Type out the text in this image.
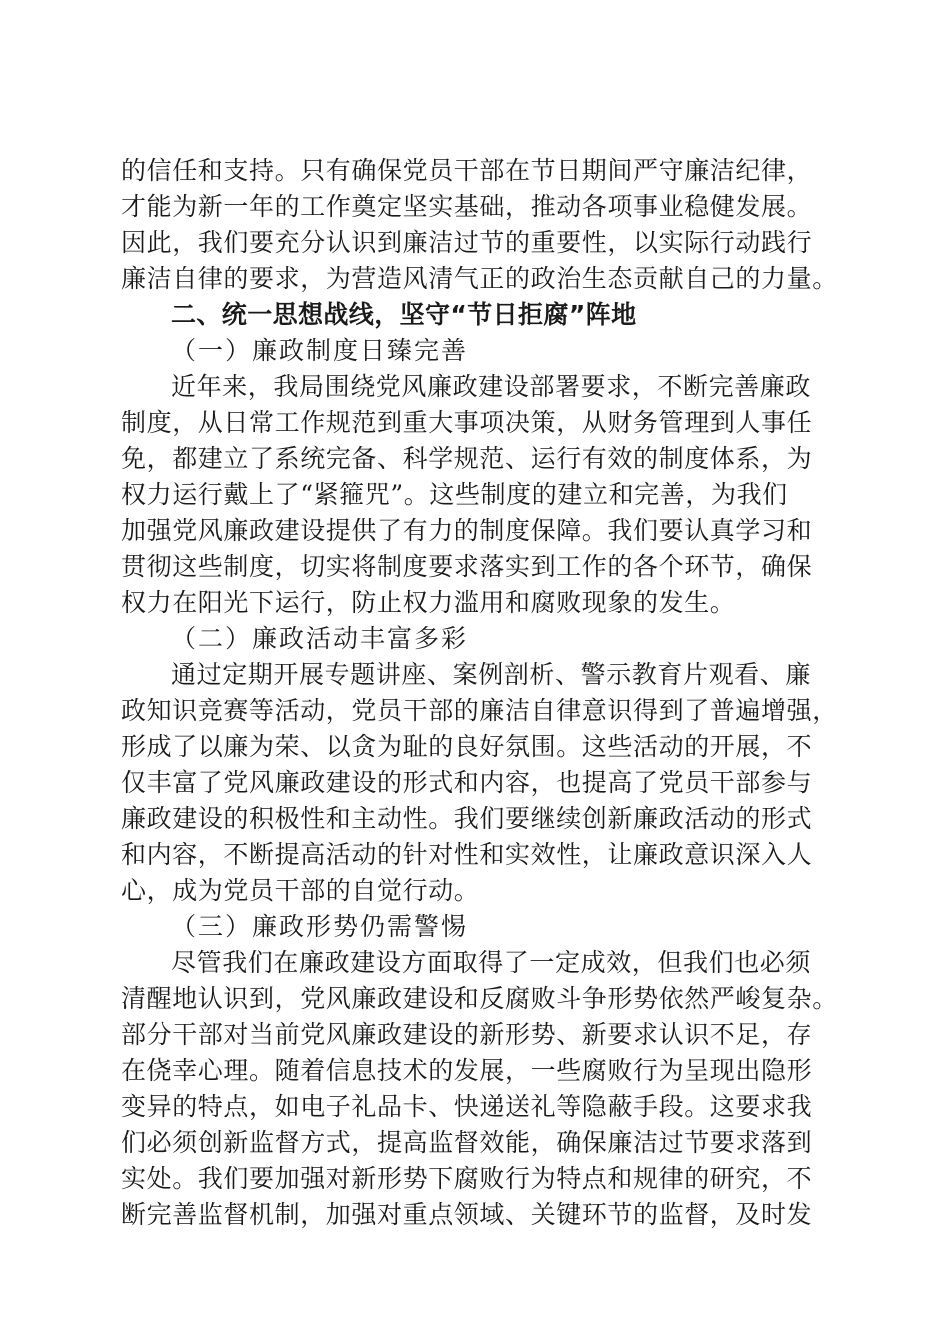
的信任和支持。只有确保党员干部在节日期间严守廉洁纪律，
才能为新一年的工作奠定坚实基础，推动各项事业稳健发展。
因此，我们要充分认识到廉洁过节的重要性，以实际行动践行
廉洁自律的要求，为营造风清气正的政治生态贡献自己的力量。
二、统一思想战线，坚守“节日拒腐”阵地
（一）廉政制度日臻完善
近年来，我局围绕党风廉政建设部署要求，不断完善廉政
制度，从日常工作规范到重大事项决策，从财务管理到人事任
免，都建立了系统完备、科学规范、运行有效的制度体系，为
权力运行戴上了“紧箍咒”。这些制度的建立和完善，为我们
加强党风廉政建设提供了有力的制度保障。我们要认真学习和
贯彻这些制度，切实将制度要求落实到工作的各个环节，确保
权力在阳光下运行，防止权力滥用和腐败现象的发生。
（二）廉政活动丰富多彩
通过定期开展专题讲座、案例剖析、警示教育片观看、廉
政知识竞赛等活动，党员干部的廉洁自律意识得到了普遍增强，
形成了以廉为荣、以贪为耻的良好氛围。这些活动的开展，不
仅丰富了党风廉政建设的形式和内容，也提高了党员干部参与
廉政建设的积极性和主动性。我们要继续创新廉政活动的形式
和内容，不断提高活动的针对性和实效性，让廉政意识深入人
心，成为党员干部的自觉行动。
（三）廉政形势仍需警惕
尽管我们在廉政建设方面取得了一定成效，但我们也必须
清醒地认识到，党风廉政建设和反腐败斗争形势依然严峻复杂。
部分干部对当前党风廉政建设的新形势、新要求认识不足，存
在侥幸心理。随着信息技术的发展，一些腐败行为呈现出隐形
变异的特点，如电子礼品卡、快递送礼等隐蔽手段。这要求我
们必须创新监督方式，提高监督效能，确保廉洁过节要求落到
实处。我们要加强对新形势下腐败行为特点和规律的研究，不
断完善监督机制，加强对重点领域、关键环节的监督，及时发
